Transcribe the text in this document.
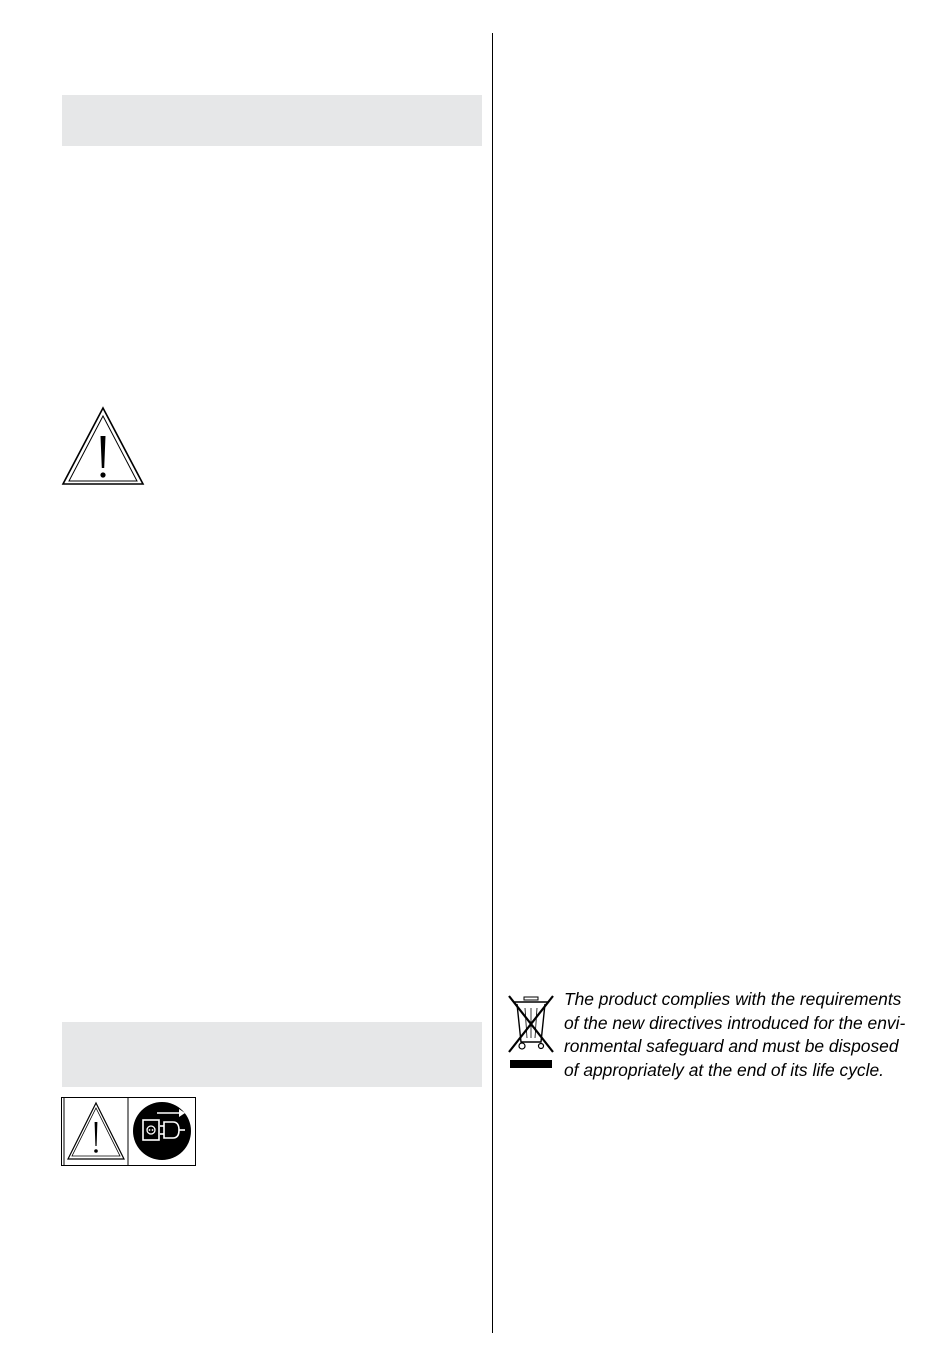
The product complies with the requirements
of the new directives introduced for the envi-
ronmental safeguard and must be disposed
of appropriately at the end of its life cycle.
